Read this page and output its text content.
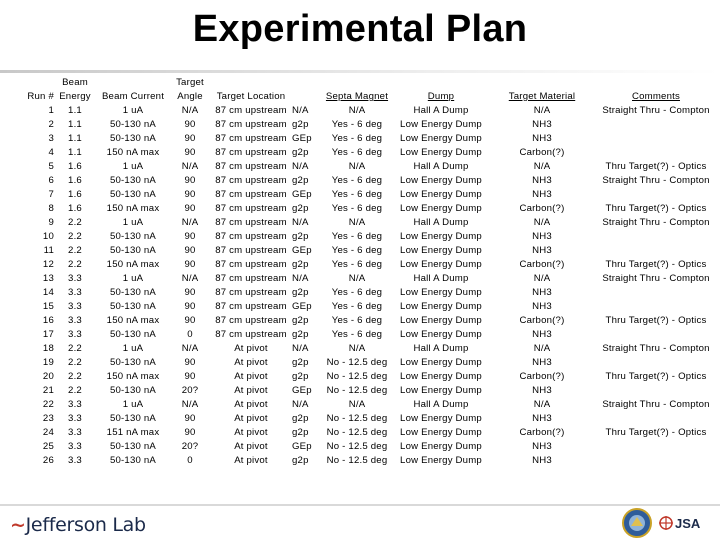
Experimental Plan
	Beam		Target						
Run #	Energy	Beam Current	Angle	Target Location		Septa Magnet	Dump	Target Material	Comments
1	1.1	1 uA	N/A	87 cm upstream	N/A	N/A	Hall A Dump	N/A	Straight Thru - Compton
2	1.1	50-130 nA	90	87 cm upstream	g2p	Yes - 6 deg	Low Energy Dump	NH3	
3	1.1	50-130 nA	90	87 cm upstream	GEp	Yes - 6 deg	Low Energy Dump	NH3	
4	1.1	150 nA max	90	87 cm upstream	g2p	Yes - 6 deg	Low Energy Dump	Carbon(?)	
5	1.6	1 uA	N/A	87 cm upstream	N/A	N/A	Hall A Dump	N/A	Thru Target(?) - Optics
6	1.6	50-130 nA	90	87 cm upstream	g2p	Yes - 6 deg	Low Energy Dump	NH3	Straight Thru - Compton
7	1.6	50-130 nA	90	87 cm upstream	GEp	Yes - 6 deg	Low Energy Dump	NH3	
8	1.6	150 nA max	90	87 cm upstream	g2p	Yes - 6 deg	Low Energy Dump	Carbon(?)	Thru Target(?) - Optics
9	2.2	1 uA	N/A	87 cm upstream	N/A	N/A	Hall A Dump	N/A	Straight Thru - Compton
10	2.2	50-130 nA	90	87 cm upstream	g2p	Yes - 6 deg	Low Energy Dump	NH3	
11	2.2	50-130 nA	90	87 cm upstream	GEp	Yes - 6 deg	Low Energy Dump	NH3	
12	2.2	150 nA max	90	87 cm upstream	g2p	Yes - 6 deg	Low Energy Dump	Carbon(?)	Thru Target(?) - Optics
13	3.3	1 uA	N/A	87 cm upstream	N/A	N/A	Hall A Dump	N/A	Straight Thru - Compton
14	3.3	50-130 nA	90	87 cm upstream	g2p	Yes - 6 deg	Low Energy Dump	NH3	
15	3.3	50-130 nA	90	87 cm upstream	GEp	Yes - 6 deg	Low Energy Dump	NH3	
16	3.3	150 nA max	90	87 cm upstream	g2p	Yes - 6 deg	Low Energy Dump	Carbon(?)	Thru Target(?) - Optics
17	3.3	50-130 nA	0	87 cm upstream	g2p	Yes - 6 deg	Low Energy Dump	NH3	
18	2.2	1 uA	N/A	At pivot	N/A	N/A	Hall A Dump	N/A	Straight Thru - Compton
19	2.2	50-130 nA	90	At pivot	g2p	No - 12.5 deg	Low Energy Dump	NH3	
20	2.2	150 nA max	90	At pivot	g2p	No - 12.5 deg	Low Energy Dump	Carbon(?)	Thru Target(?) - Optics
21	2.2	50-130 nA	20?	At pivot	GEp	No - 12.5 deg	Low Energy Dump	NH3	
22	3.3	1 uA	N/A	At pivot	N/A	N/A	Hall A Dump	N/A	Straight Thru - Compton
23	3.3	50-130 nA	90	At pivot	g2p	No - 12.5 deg	Low Energy Dump	NH3	
24	3.3	151 nA max	90	At pivot	g2p	No - 12.5 deg	Low Energy Dump	Carbon(?)	Thru Target(?) - Optics
25	3.3	50-130 nA	20?	At pivot	GEp	No - 12.5 deg	Low Energy Dump	NH3	
26	3.3	50-130 nA	0	At pivot	g2p	No - 12.5 deg	Low Energy Dump	NH3	
~Jefferson Lab	JSA
